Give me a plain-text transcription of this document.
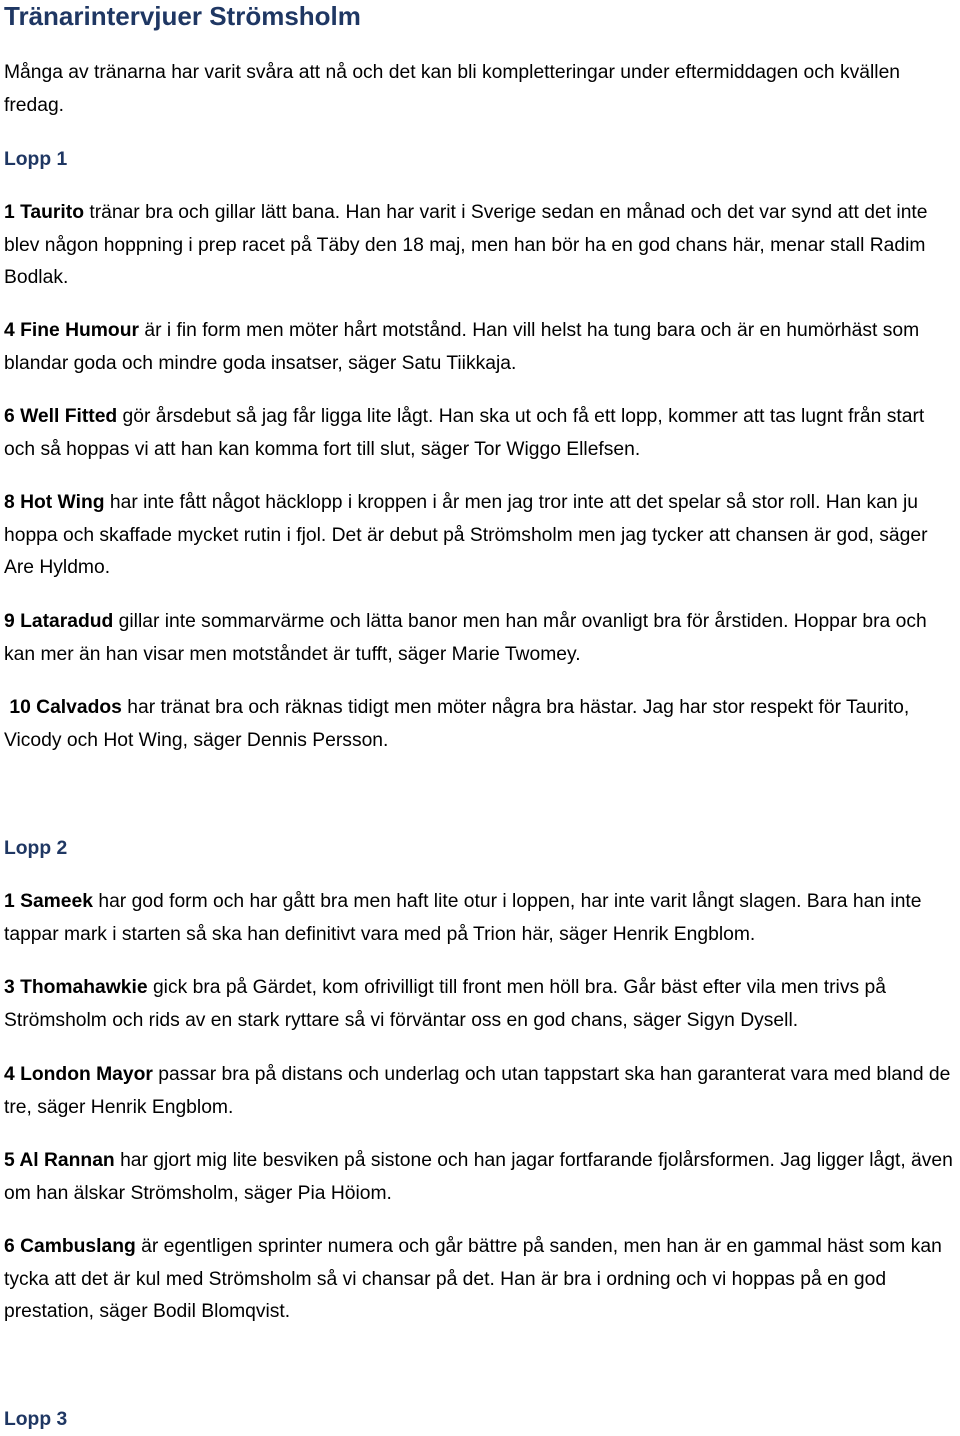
Tränarintervjuer Strömsholm

Många av tränarna har varit svåra att nå och det kan bli kompletteringar under eftermiddagen och kvällen fredag.

Lopp 1

1 Taurito tränar bra och gillar lätt bana. Han har varit i Sverige sedan en månad och det var synd att det inte blev någon hoppning i prep racet på Täby den 18 maj, men han bör ha en god chans här, menar stall Radim Bodlak.

4 Fine Humour är i fin form men möter hårt motstånd. Han vill helst ha tung bara och är en humörhäst som blandar goda och mindre goda insatser, säger Satu Tiikkaja.

6 Well Fitted gör årsdebut så jag får ligga lite lågt. Han ska ut och få ett lopp, kommer att tas lugnt från start och så hoppas vi att han kan komma fort till slut, säger Tor Wiggo Ellefsen.

8 Hot Wing har inte fått något häcklopp i kroppen i år men jag tror inte att det spelar så stor roll. Han kan ju hoppa och skaffade mycket rutin i fjol. Det är debut på Strömsholm men jag tycker att chansen är god, säger Are Hyldmo.

9 Lataradud gillar inte sommarvärme och lätta banor men han mår ovanligt bra för årstiden. Hoppar bra och kan mer än han visar men motståndet är tufft, säger Marie Twomey.

10 Calvados har tränat bra och räknas tidigt men möter några bra hästar. Jag har stor respekt för Taurito, Vicody och Hot Wing, säger Dennis Persson.

Lopp 2

1 Sameek har god form och har gått bra men haft lite otur i loppen, har inte varit långt slagen. Bara han inte tappar mark i starten så ska han definitivt vara med på Trion här, säger Henrik Engblom.

3 Thomahawkie gick bra på Gärdet, kom ofrivilligt till front men höll bra. Går bäst efter vila men trivs på Strömsholm och rids av en stark ryttare så vi förväntar oss en god chans, säger Sigyn Dysell.

4 London Mayor passar bra på distans och underlag och utan tappstart ska han garanterat vara med bland de tre, säger Henrik Engblom.

5 Al Rannan har gjort mig lite besviken på sistone och han jagar fortfarande fjolårsformen. Jag ligger lågt, även om han älskar Strömsholm, säger Pia Höiom.

6 Cambuslang är egentligen sprinter numera och går bättre på sanden, men han är en gammal häst som kan tycka att det är kul med Strömsholm så vi chansar på det. Han är bra i ordning och vi hoppas på en god prestation, säger Bodil Blomqvist.

Lopp 3
